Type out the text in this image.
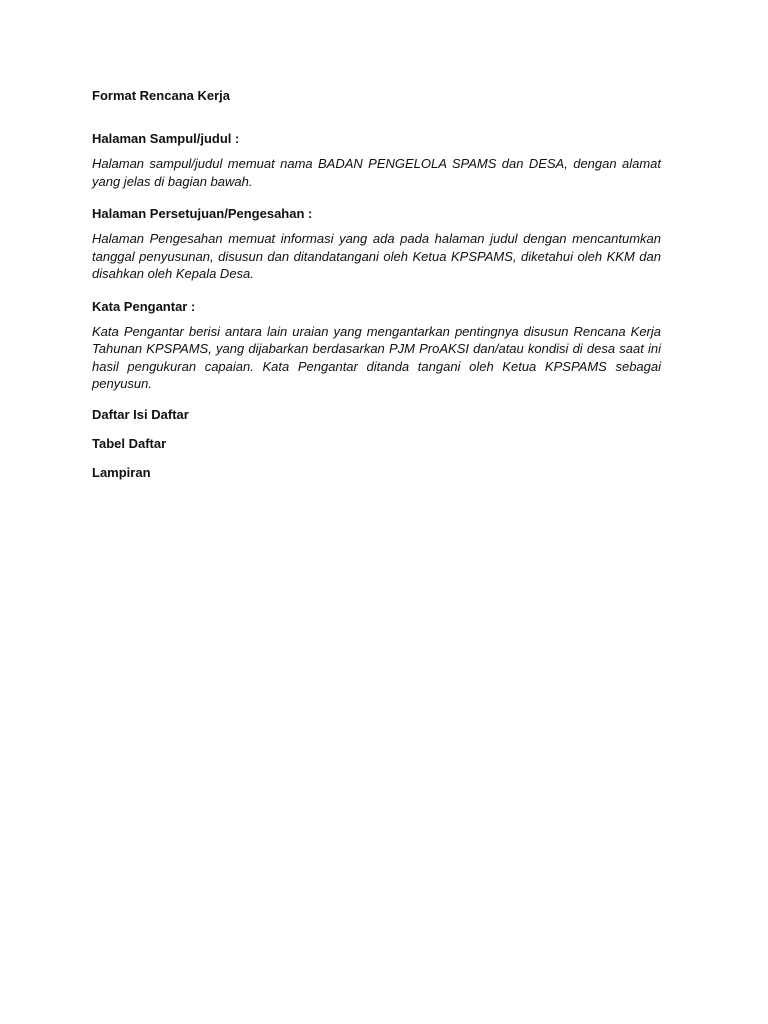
Format Rencana Kerja
Halaman Sampul/judul :

Halaman sampul/judul memuat nama BADAN PENGELOLA SPAMS dan DESA, dengan alamat yang jelas di bagian bawah.

Halaman Persetujuan/Pengesahan :

Halaman Pengesahan memuat informasi yang ada pada halaman judul dengan mencantumkan tanggal penyusunan, disusun dan ditandatangani oleh Ketua KPSPAMS, diketahui oleh KKM dan disahkan oleh Kepala Desa.

Kata Pengantar :

Kata Pengantar berisi antara lain uraian yang mengantarkan pentingnya disusun Rencana Kerja Tahunan KPSPAMS, yang dijabarkan berdasarkan PJM ProAKSI dan/atau kondisi di desa saat ini hasil pengukuran capaian. Kata Pengantar ditanda tangani oleh Ketua KPSPAMS sebagai penyusun.

Daftar Isi Daftar
Tabel Daftar
Lampiran
